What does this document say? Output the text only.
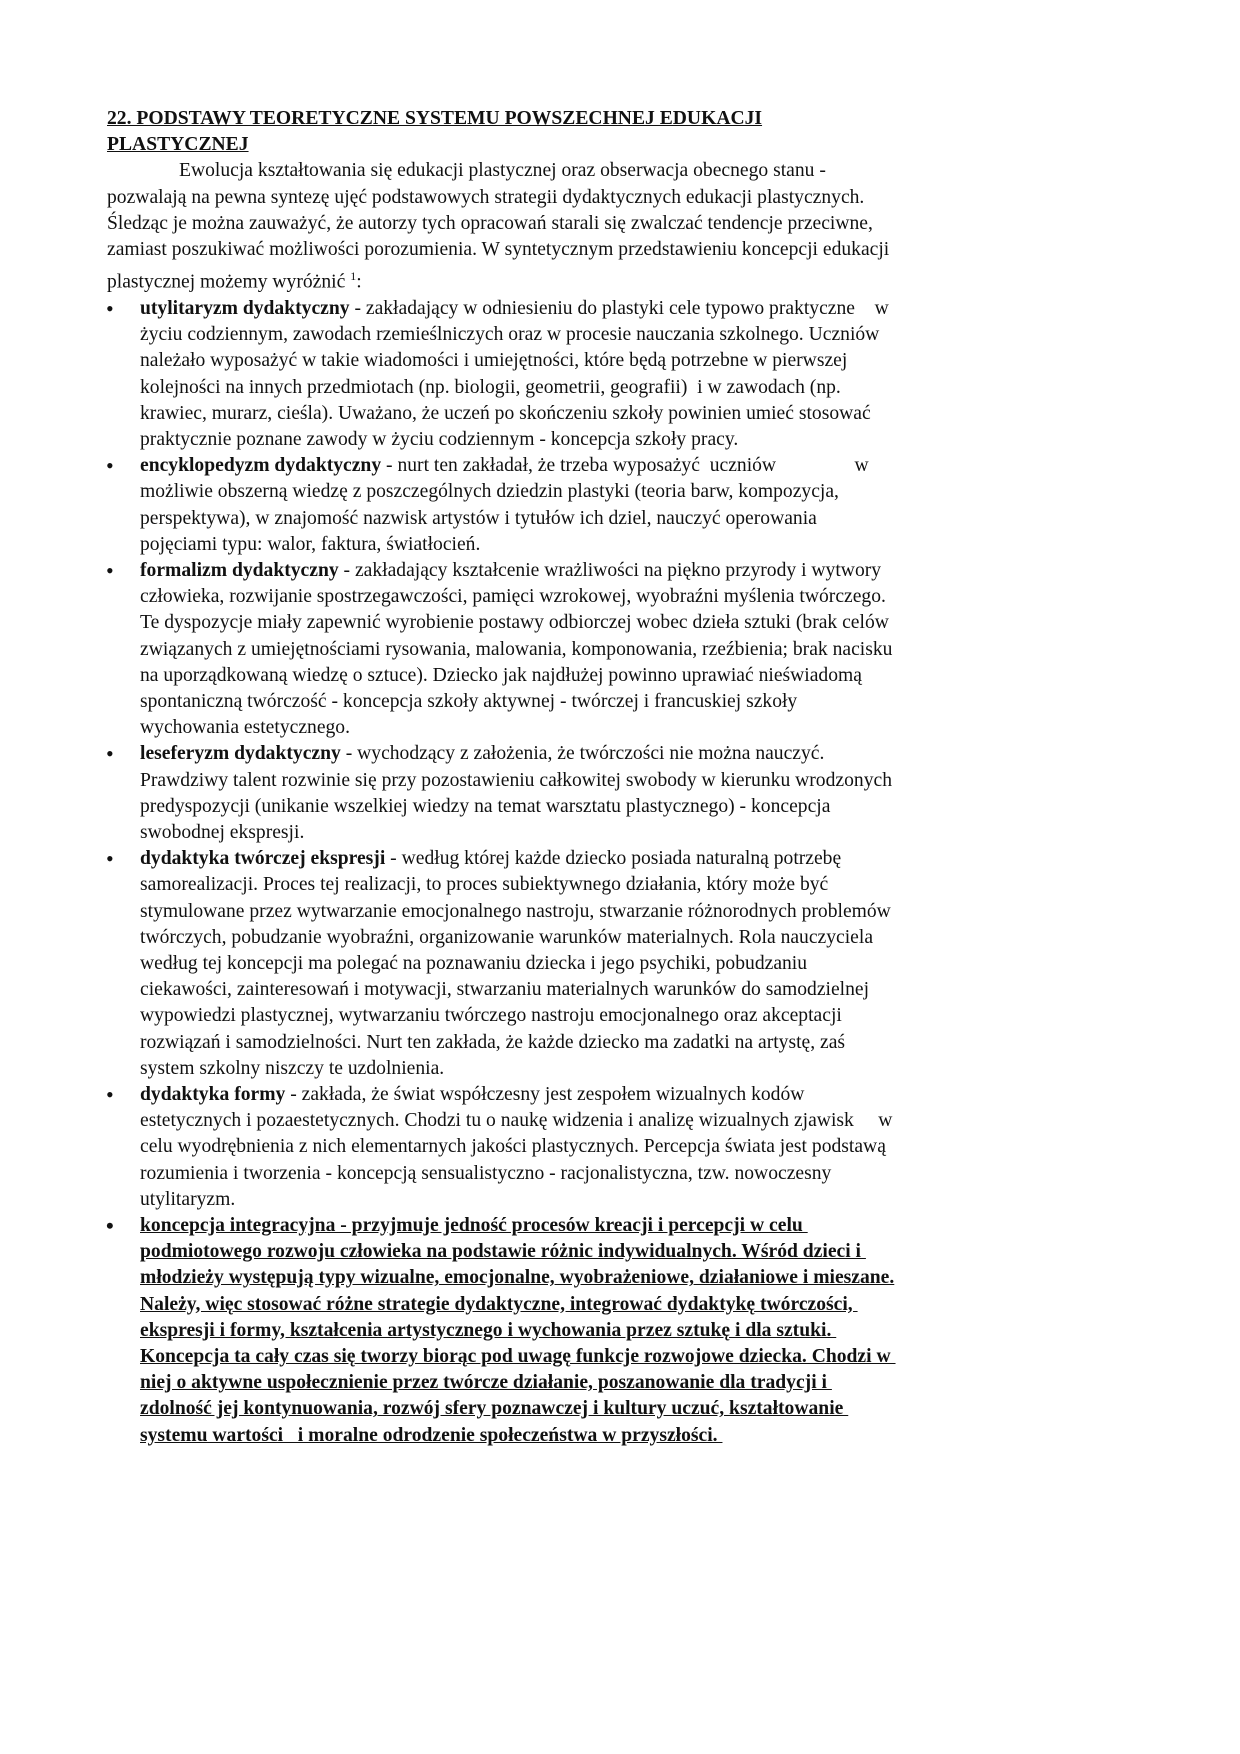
22. PODSTAWY TEORETYCZNE SYSTEMU POWSZECHNEJ EDUKACJI
PLASTYCZNEJ
Ewolucja kształtowania się edukacji plastycznej oraz obserwacja obecnego stanu -
pozwalają na pewna syntezę ujęć podstawowych strategii dydaktycznych edukacji plastycznych.
Śledząc je można zauważyć, że autorzy tych opracowań starali się zwalczać tendencje przeciwne,
zamiast poszukiwać możliwości porozumienia. W syntetycznym przedstawieniu koncepcji edukacji
plastycznej możemy wyróżnić $^1$:
• utylitaryzm dydaktyczny - zakładający w odniesieniu do plastyki cele typowo praktyczne    w
życiu codziennym, zawodach rzemieślniczych oraz w procesie nauczania szkolnego. Uczniów
należało wyposażyć w takie wiadomości i umiejętności, które będą potrzebne w pierwszej
kolejności na innych przedmiotach (np. biologii, geometrii, geografii)  i w zawodach (np.
krawiec, murarz, cieśla). Uważano, że uczeń po skończeniu szkoły powinien umieć stosować
praktycznie poznane zawody w życiu codziennym - koncepcja szkoły pracy.
• encyklopedyzm dydaktyczny - nurt ten zakładał, że trzeba wyposażyć  uczniów                w
możliwie obszerną wiedzę z poszczególnych dziedzin plastyki (teoria barw, kompozycja,
perspektywa), w znajomość nazwisk artystów i tytułów ich dziel, nauczyć operowania
pojęciami typu: walor, faktura, światłocień.
• formalizm dydaktyczny - zakładający kształcenie wrażliwości na piękno przyrody i wytwory
człowieka, rozwijanie spostrzegawczości, pamięci wzrokowej, wyobraźni myślenia twórczego.
Te dyspozycje miały zapewnić wyrobienie postawy odbiorczej wobec dzieła sztuki (brak celów
związanych z umiejętnościami rysowania, malowania, komponowania, rzeźbienia; brak nacisku
na uporządkowaną wiedzę o sztuce). Dziecko jak najdłużej powinno uprawiać nieświadomą
spontaniczną twórczość - koncepcja szkoły aktywnej - twórczej i francuskiej szkoły
wychowania estetycznego.
• leseferyzm dydaktyczny - wychodzący z założenia, że twórczości nie można nauczyć.
Prawdziwy talent rozwinie się przy pozostawieniu całkowitej swobody w kierunku wrodzonych
predyspozycji (unikanie wszelkiej wiedzy na temat warsztatu plastycznego) - koncepcja
swobodnej ekspresji.
• dydaktyka twórczej ekspresji - według której każde dziecko posiada naturalną potrzebę
samorealizacji. Proces tej realizacji, to proces subiektywnego działania, który może być
stymulowane przez wytwarzanie emocjonalnego nastroju, stwarzanie różnorodnych problemów
twórczych, pobudzanie wyobraźni, organizowanie warunków materialnych. Rola nauczyciela
według tej koncepcji ma polegać na poznawaniu dziecka i jego psychiki, pobudzaniu
ciekawości, zainteresowań i motywacji, stwarzaniu materialnych warunków do samodzielnej
wypowiedzi plastycznej, wytwarzaniu twórczego nastroju emocjonalnego oraz akceptacji
rozwiązań i samodzielności. Nurt ten zakłada, że każde dziecko ma zadatki na artystę, zaś
system szkolny niszczy te uzdolnienia.
• dydaktyka formy - zakłada, że świat współczesny jest zespołem wizualnych kodów
estetycznych i pozaestetycznych. Chodzi tu o naukę widzenia i analizę wizualnych zjawisk     w
celu wyodrębnienia z nich elementarnych jakości plastycznych. Percepcja świata jest podstawą
rozumienia i tworzenia - koncepcją sensualistyczno - racjonalistyczna, tzw. nowoczesny
utylitaryzm.
• koncepcja integracyjna - przyjmuje jedność procesów kreacji i percepcji w celu
podmiotowego rozwoju człowieka na podstawie różnic indywidualnych. Wśród dzieci i
młodzieży występują typy wizualne, emocjonalne, wyobrażeniowe, działaniowe i mieszane.
Należy, więc stosować różne strategie dydaktyczne, integrować dydaktykę twórczości,
ekspresji i formy, kształcenia artystycznego i wychowania przez sztukę i dla sztuki.
Koncepcja ta cały czas się tworzy biorąc pod uwagę funkcje rozwojowe dziecka. Chodzi w
niej o aktywne uspołecznienie przez twórcze działanie, poszanowanie dla tradycji i
zdolność jej kontynuowania, rozwój sfery poznawczej i kultury uczuć, kształtowanie
systemu wartości   i moralne odrodzenie społeczeństwa w przyszłości.
